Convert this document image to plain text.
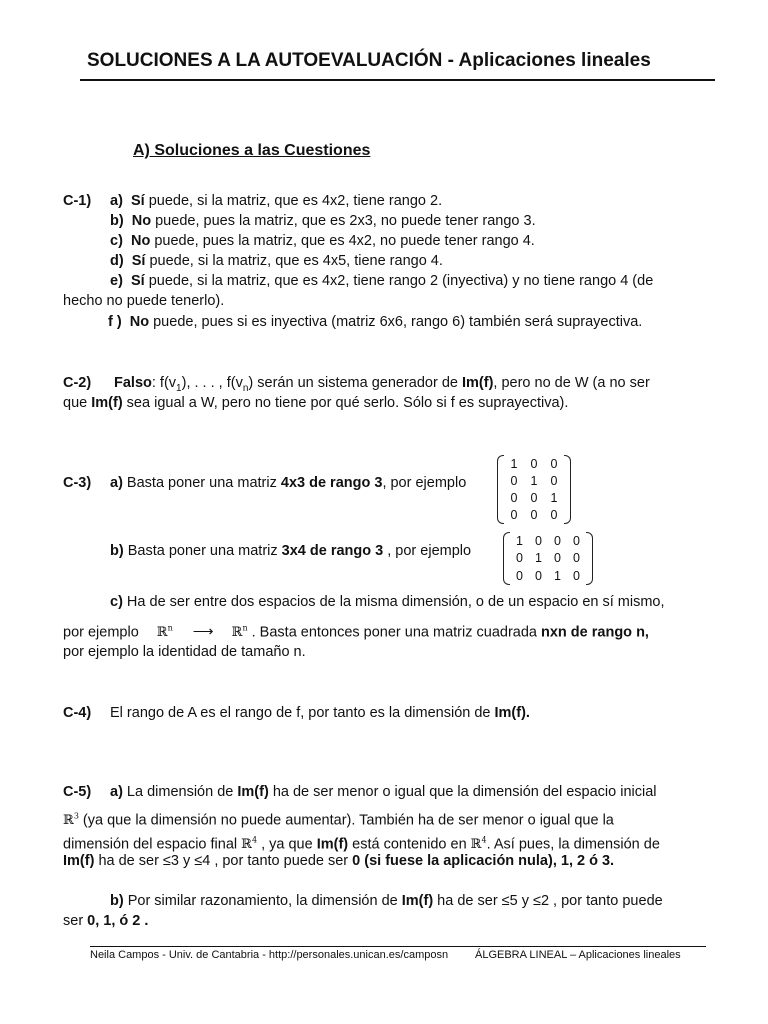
SOLUCIONES A LA AUTOEVALUACIÓN - Aplicaciones lineales
A) Soluciones a las Cuestiones
C-1) a) Sí puede, si la matriz, que es 4x2, tiene rango 2.
b) No puede, pues la matriz, que es 2x3, no puede tener rango 3.
c) No puede, pues la matriz, que es 4x2, no puede tener rango 4.
d) Sí puede, si la matriz, que es 4x5, tiene rango 4.
e) Sí puede, si la matriz, que es 4x2, tiene rango 2 (inyectiva) y no tiene rango 4 (de
hecho no puede tenerlo).
f ) No puede, pues si es inyectiva (matriz 6x6, rango 6) también será suprayectiva.
C-2) Falso: $f(v_1)$, . . . , $f(v_n)$ serán un sistema generador de Im(f), pero no de W (a no ser
que Im(f) sea igual a W, pero no tiene por qué serlo. Sólo si f es suprayectiva).
C-3) a) Basta poner una matriz 4x3 de rango 3, por ejemplo
1	0	0
0	1	0
0	0	1
0	0	0
b) Basta poner una matriz 3x4 de rango 3 , por ejemplo
1	0	0	0
0	1	0	0
0	0	1	0
c) Ha de ser entre dos espacios de la misma dimensión, o de un espacio en sí mismo,
por ejemplo ℝ$^n$ ⟶ ℝ$^n$ . Basta entonces poner una matriz cuadrada nxn de rango n,
por ejemplo la identidad de tamaño n.
C-4) El rango de A es el rango de f, por tanto es la dimensión de Im(f).
C-5) a) La dimensión de Im(f) ha de ser menor o igual que la dimensión del espacio inicial
ℝ$^3$ (ya que la dimensión no puede aumentar). También ha de ser menor o igual que la
dimensión del espacio final ℝ$^4$ , ya que Im(f) está contenido en ℝ$^4$. Así pues, la dimensión de
Im(f) ha de ser ≤3 y ≤4 , por tanto puede ser 0 (si fuese la aplicación nula), 1, 2 ó 3.
b) Por similar razonamiento, la dimensión de Im(f) ha de ser ≤5 y ≤2 , por tanto puede
ser 0, 1, ó 2 .
Neila Campos - Univ. de Cantabria - http://personales.unican.es/camposn ÁLGEBRA LINEAL – Aplicaciones lineales
